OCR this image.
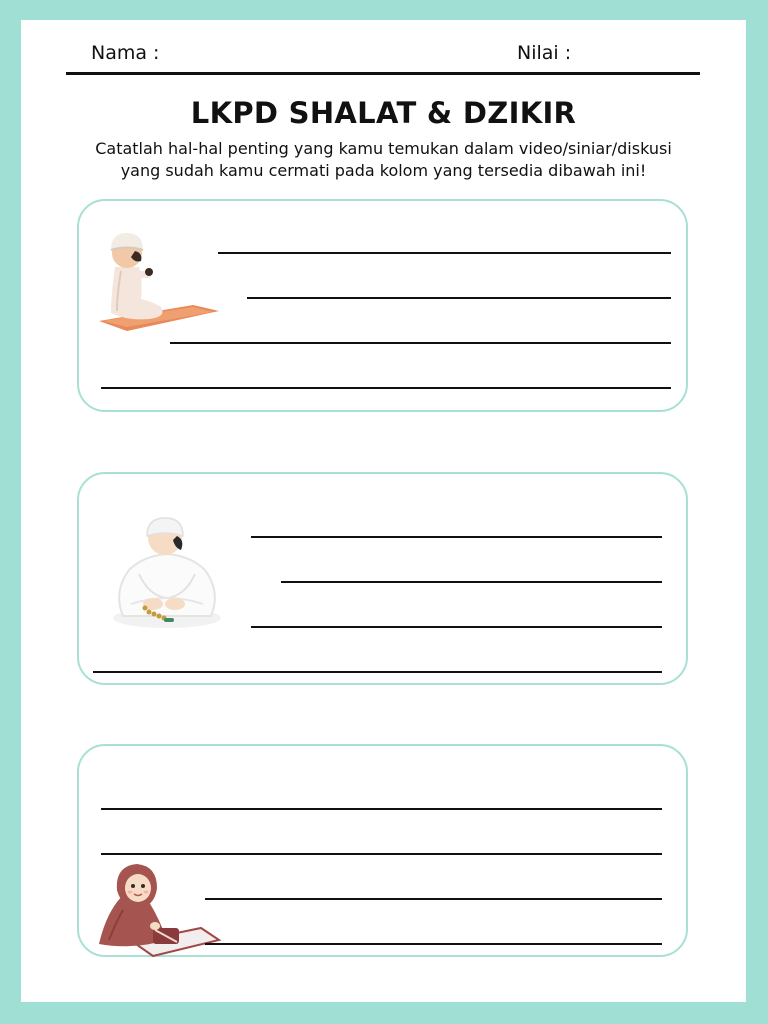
Nama :	Nilai :
LKPD SHALAT & DZIKIR
Catatlah hal-hal penting yang kamu temukan dalam video/siniar/diskusi
yang sudah kamu cermati pada kolom yang tersedia dibawah ini!
